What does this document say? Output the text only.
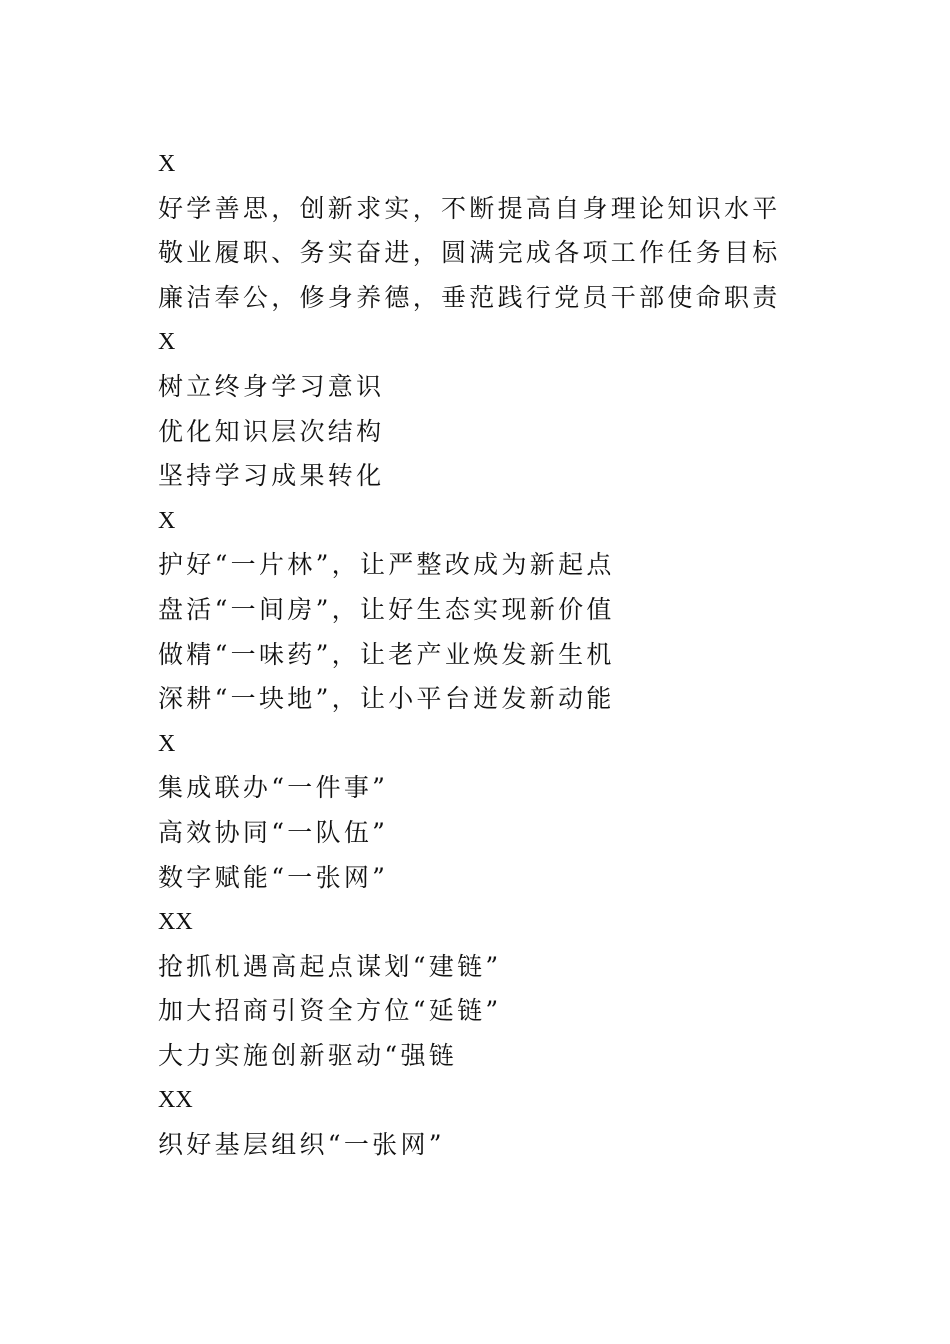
X
好学善思，创新求实，不断提高自身理论知识水平
敬业履职、务实奋进，圆满完成各项工作任务目标
廉洁奉公，修身养德，垂范践行党员干部使命职责
X
树立终身学习意识
优化知识层次结构
坚持学习成果转化
X
护好“一片林”，让严整改成为新起点
盘活“一间房”，让好生态实现新价值
做精“一味药”，让老产业焕发新生机
深耕“一块地”，让小平台迸发新动能
X
集成联办“一件事”
高效协同“一队伍”
数字赋能“一张网”
XX
抢抓机遇高起点谋划“建链”
加大招商引资全方位“延链”
大力实施创新驱动“强链
XX
织好基层组织“一张网”
